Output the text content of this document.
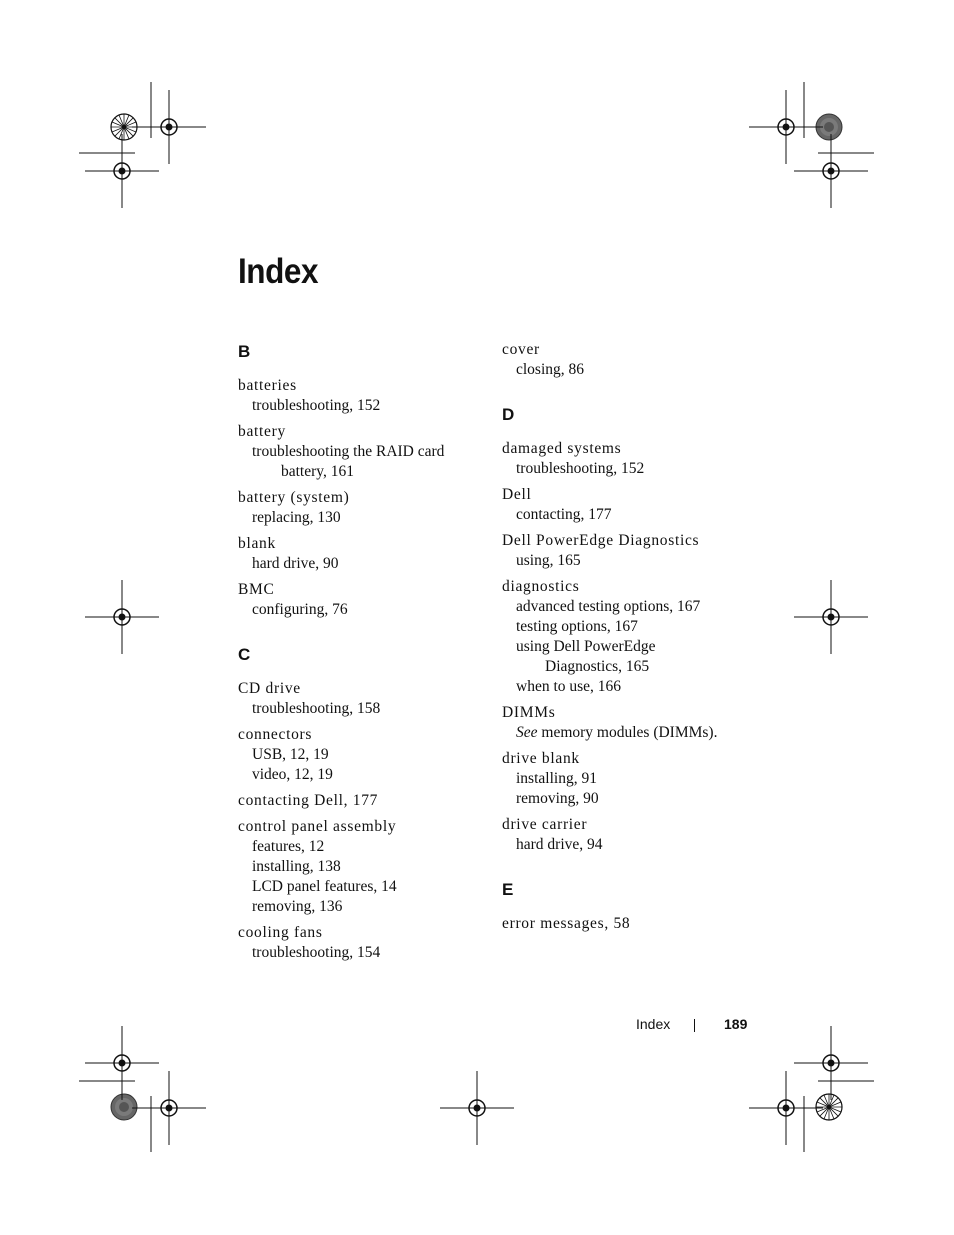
Index
B
batteries
troubleshooting, 152
battery
troubleshooting the RAID card
battery, 161
battery (system)
replacing, 130
blank
hard drive, 90
BMC
configuring, 76
C
CD drive
troubleshooting, 158
connectors
USB, 12, 19
video, 12, 19
contacting Dell, 177
control panel assembly
features, 12
installing, 138
LCD panel features, 14
removing, 136
cooling fans
troubleshooting, 154
cover
closing, 86
D
damaged systems
troubleshooting, 152
Dell
contacting, 177
Dell PowerEdge Diagnostics
using, 165
diagnostics
advanced testing options, 167
testing options, 167
using Dell PowerEdge
Diagnostics, 165
when to use, 166
DIMMs
See memory modules (DIMMs).
drive blank
installing, 91
removing, 90
drive carrier
hard drive, 94
E
error messages, 58
Index	189
